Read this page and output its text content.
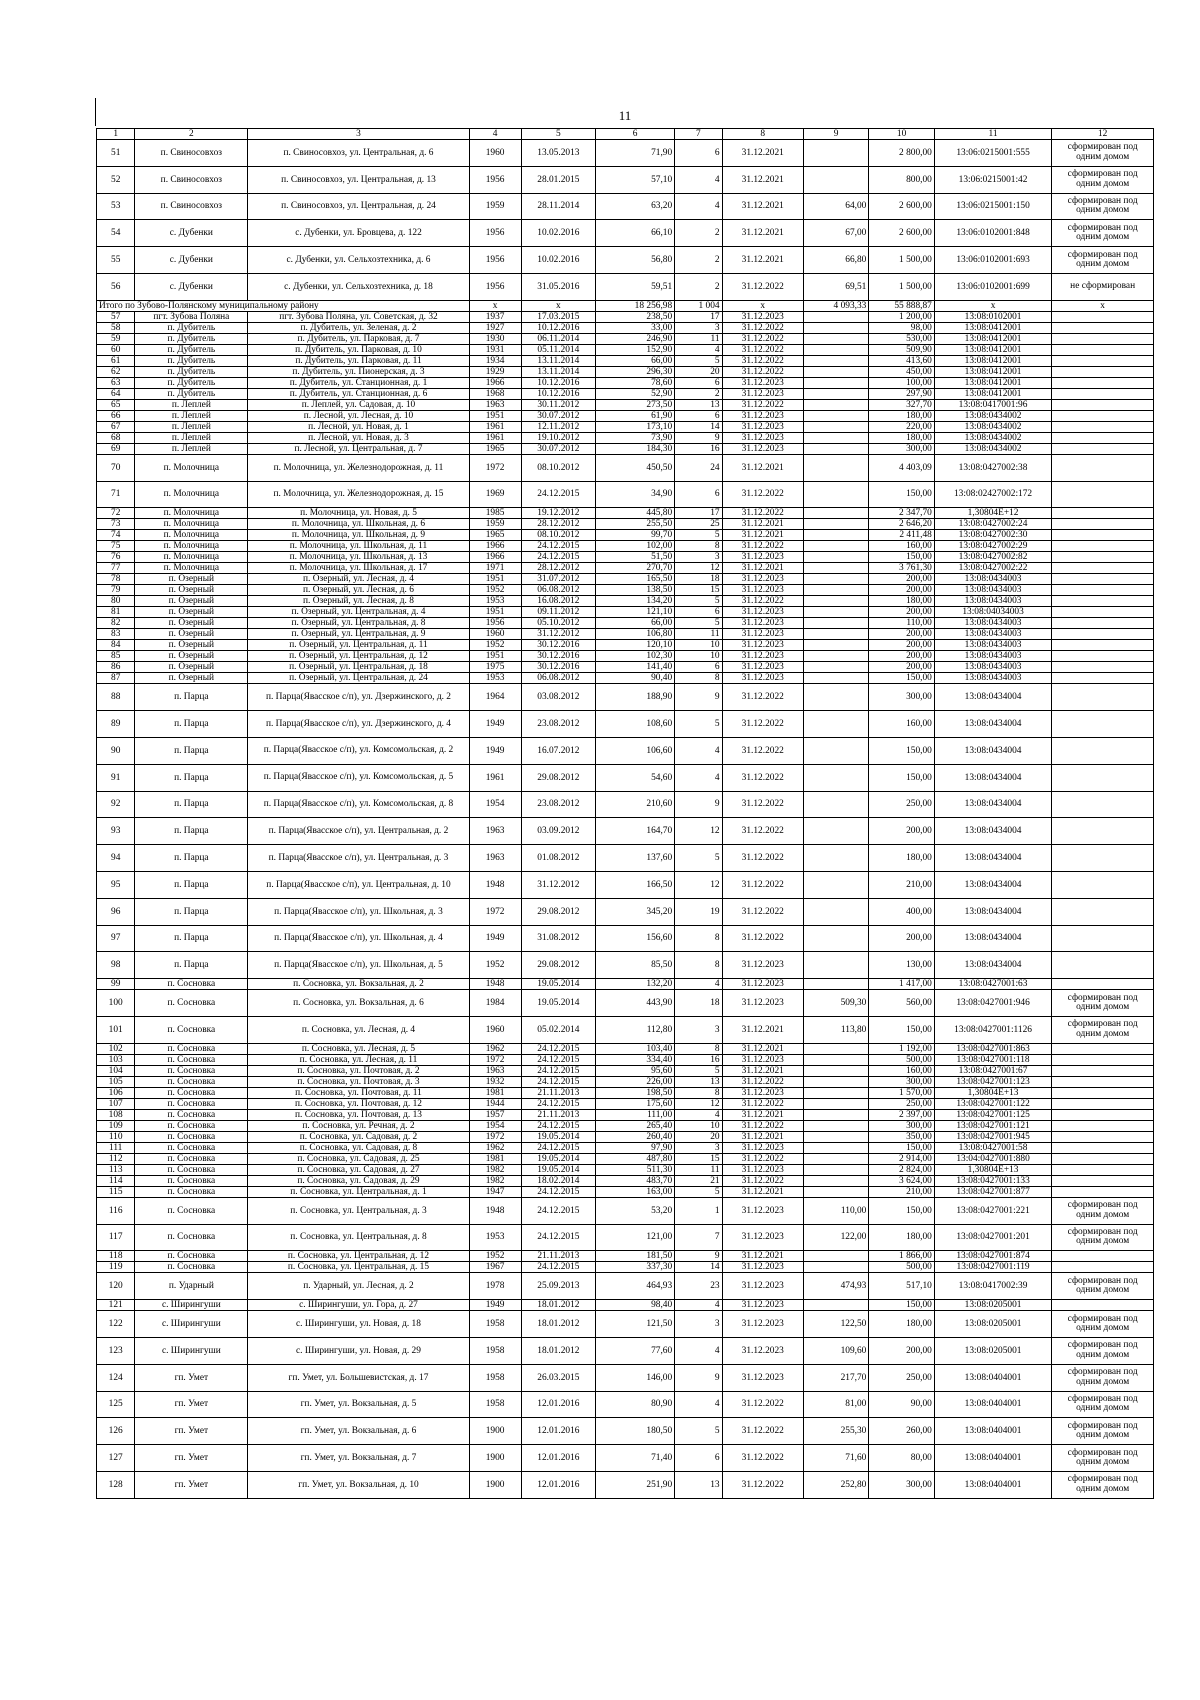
11
1	2	3	4	5	6	7	8	9	10	11	12
51	п. Свиносовхоз	п. Свиносовхоз, ул. Центральная, д. 6	1960	13.05.2013	71,90	6	31.12.2021		2 800,00	13:06:0215001:555	сформирован под одним домом
52	п. Свиносовхоз	п. Свиносовхоз, ул. Центральная, д. 13	1956	28.01.2015	57,10	4	31.12.2021		800,00	13:06:0215001:42	сформирован под одним домом
53	п. Свиносовхоз	п. Свиносовхоз, ул. Центральная, д. 24	1959	28.11.2014	63,20	4	31.12.2021	64,00	2 600,00	13:06:0215001:150	сформирован под одним домом
54	с. Дубенки	с. Дубенки, ул. Бровцева, д. 122	1956	10.02.2016	66,10	2	31.12.2021	67,00	2 600,00	13:06:0102001:848	сформирован под одним домом
55	с. Дубенки	с. Дубенки, ул. Сельхозтехника, д. 6	1956	10.02.2016	56,80	2	31.12.2021	66,80	1 500,00	13:06:0102001:693	сформирован под одним домом
56	с. Дубенки	с. Дубенки, ул. Сельхозтехника, д. 18	1956	31.05.2016	59,51	2	31.12.2022	69,51	1 500,00	13:06:0102001:699	не сформирован
Итого по Зубово-Полянскому муниципальному району			x	x	18 256,98	1 004	x	4 093,33	55 888,87	x	x
57	пгт. Зубова Поляна	пгт. Зубова Поляна, ул. Советская, д. 32	1937	17.03.2015	238,50	17	31.12.2023		1 200,00	13:08:0102001	
58	п. Дубитель	п. Дубитель, ул. Зеленая, д. 2	1927	10.12.2016	33,00	3	31.12.2022		98,00	13:08:0412001	
59	п. Дубитель	п. Дубитель, ул. Парковая, д. 7	1930	06.11.2014	246,90	11	31.12.2022		530,00	13:08:0412001	
60	п. Дубитель	п. Дубитель, ул. Парковая, д. 10	1931	05.11.2014	152,90	4	31.12.2022		509,90	13:08:0412001	
61	п. Дубитель	п. Дубитель, ул. Парковая, д. 11	1934	13.11.2014	66,00	5	31.12.2022		413,60	13:08:0412001	
62	п. Дубитель	п. Дубитель, ул. Пионерская, д. 3	1929	13.11.2014	296,30	20	31.12.2022		450,00	13:08:0412001	
63	п. Дубитель	п. Дубитель, ул. Станционная, д. 1	1966	10.12.2016	78,60	6	31.12.2023		100,00	13:08:0412001	
64	п. Дубитель	п. Дубитель, ул. Станционная, д. 6	1968	10.12.2016	52,90	2	31.12.2023		297,90	13:08:0412001	
65	п. Леплей	п. Леплей, ул. Садовая, д. 10	1963	30.11.2012	273,50	13	31.12.2022		327,70	13:08:0417001:96	
66	п. Леплей	п. Лесной, ул. Лесная, д. 10	1951	30.07.2012	61,90	6	31.12.2023		180,00	13:08:0434002	
67	п. Леплей	п. Лесной, ул. Новая, д. 1	1961	12.11.2012	173,10	14	31.12.2023		220,00	13:08:0434002	
68	п. Леплей	п. Лесной, ул. Новая, д. 3	1961	19.10.2012	73,90	9	31.12.2023		180,00	13:08:0434002	
69	п. Леплей	п. Лесной, ул. Центральная, д. 7	1965	30.07.2012	184,30	16	31.12.2023		300,00	13:08:0434002	
70	п. Молочница	п. Молочница, ул. Железнодорожная, д. 11	1972	08.10.2012	450,50	24	31.12.2021		4 403,09	13:08:0427002:38	
71	п. Молочница	п. Молочница, ул. Железнодорожная, д. 15	1969	24.12.2015	34,90	6	31.12.2022		150,00	13:08:02427002:172	
72	п. Молочница	п. Молочница, ул. Новая, д. 5	1985	19.12.2012	445,80	17	31.12.2022		2 347,70	1,30804E+12	
73	п. Молочница	п. Молочница, ул. Школьная, д. 6	1959	28.12.2012	255,50	25	31.12.2021		2 646,20	13:08:0427002:24	
74	п. Молочница	п. Молочница, ул. Школьная, д. 9	1965	08.10.2012	99,70	5	31.12.2021		2 411,48	13:08:0427002:30	
75	п. Молочница	п. Молочница, ул. Школьная, д. 11	1966	24.12.2015	102,00	8	31.12.2022		160,00	13:08:0427002:29	
76	п. Молочница	п. Молочница, ул. Школьная, д. 13	1966	24.12.2015	51,50	3	31.12.2023		150,00	13:08:0427002:82	
77	п. Молочница	п. Молочница, ул. Школьная, д. 17	1971	28.12.2012	270,70	12	31.12.2021		3 761,30	13:08:0427002:22	
78	п. Озерный	п. Озерный, ул. Лесная, д. 4	1951	31.07.2012	165,50	18	31.12.2023		200,00	13:08:0434003	
79	п. Озерный	п. Озерный, ул. Лесная, д. 6	1952	06.08.2012	138,50	15	31.12.2023		200,00	13:08:0434003	
80	п. Озерный	п. Озерный, ул. Лесная, д. 8	1953	16.08.2012	134,20	5	31.12.2022		180,00	13:08:0434003	
81	п. Озерный	п. Озерный, ул. Центральная, д. 4	1951	09.11.2012	121,10	6	31.12.2023		200,00	13:08:04034003	
82	п. Озерный	п. Озерный, ул. Центральная, д. 8	1956	05.10.2012	66,00	5	31.12.2023		110,00	13:08:0434003	
83	п. Озерный	п. Озерный, ул. Центральная, д. 9	1960	31.12.2012	106,80	11	31.12.2023		200,00	13:08:0434003	
84	п. Озерный	п. Озерный, ул. Центральная, д. 11	1952	30.12.2016	120,10	10	31.12.2023		200,00	13:08:0434003	
85	п. Озерный	п. Озерный, ул. Центральная, д. 12	1951	30.12.2016	102,30	10	31.12.2023		200,00	13:08:0434003	
86	п. Озерный	п. Озерный, ул. Центральная, д. 18	1975	30.12.2016	141,40	6	31.12.2023		200,00	13:08:0434003	
87	п. Озерный	п. Озерный, ул. Центральная, д. 24	1953	06.08.2012	90,40	8	31.12.2023		150,00	13:08:0434003	
88	п. Парца	п. Парца(Явасское с/п), ул. Дзержинского, д. 2	1964	03.08.2012	188,90	9	31.12.2022		300,00	13:08:0434004	
89	п. Парца	п. Парца(Явасское с/п), ул. Дзержинского, д. 4	1949	23.08.2012	108,60	5	31.12.2022		160,00	13:08:0434004	
90	п. Парца	п. Парца(Явасское с/п), ул. Комсомольская, д. 2	1949	16.07.2012	106,60	4	31.12.2022		150,00	13:08:0434004	
91	п. Парца	п. Парца(Явасское с/п), ул. Комсомольская, д. 5	1961	29.08.2012	54,60	4	31.12.2022		150,00	13:08:0434004	
92	п. Парца	п. Парца(Явасское с/п), ул. Комсомольская, д. 8	1954	23.08.2012	210,60	9	31.12.2022		250,00	13:08:0434004	
93	п. Парца	п. Парца(Явасское с/п), ул. Центральная, д. 2	1963	03.09.2012	164,70	12	31.12.2022		200,00	13:08:0434004	
94	п. Парца	п. Парца(Явасское с/п), ул. Центральная, д. 3	1963	01.08.2012	137,60	5	31.12.2022		180,00	13:08:0434004	
95	п. Парца	п. Парца(Явасское с/п), ул. Центральная, д. 10	1948	31.12.2012	166,50	12	31.12.2022		210,00	13:08:0434004	
96	п. Парца	п. Парца(Явасское с/п), ул. Школьная, д. 3	1972	29.08.2012	345,20	19	31.12.2022		400,00	13:08:0434004	
97	п. Парца	п. Парца(Явасское с/п), ул. Школьная, д. 4	1949	31.08.2012	156,60	8	31.12.2022		200,00	13:08:0434004	
98	п. Парца	п. Парца(Явасское с/п), ул. Школьная, д. 5	1952	29.08.2012	85,50	8	31.12.2023		130,00	13:08:0434004	
99	п. Сосновка	п. Сосновка, ул. Вокзальная, д. 2	1948	19.05.2014	132,20	4	31.12.2023		1 417,00	13:08:0427001:63	
100	п. Сосновка	п. Сосновка, ул. Вокзальная, д. 6	1984	19.05.2014	443,90	18	31.12.2023	509,30	560,00	13:08:0427001:946	сформирован под одним домом
101	п. Сосновка	п. Сосновка, ул. Лесная, д. 4	1960	05.02.2014	112,80	3	31.12.2021	113,80	150,00	13:08:0427001:1126	сформирован под одним домом
102	п. Сосновка	п. Сосновка, ул. Лесная, д. 5	1962	24.12.2015	103,40	8	31.12.2021		1 192,00	13:08:0427001:863	
103	п. Сосновка	п. Сосновка, ул. Лесная, д. 11	1972	24.12.2015	334,40	16	31.12.2023		500,00	13:08:0427001:118	
104	п. Сосновка	п. Сосновка, ул. Почтовая, д. 2	1963	24.12.2015	95,60	5	31.12.2021		160,00	13:08:0427001:67	
105	п. Сосновка	п. Сосновка, ул. Почтовая, д. 3	1932	24.12.2015	226,00	13	31.12.2022		300,00	13:08:0427001:123	
106	п. Сосновка	п. Сосновка, ул. Почтовая, д. 11	1981	21.11.2013	198,50	8	31.12.2023		1 570,00	1,30804E+13	
107	п. Сосновка	п. Сосновка, ул. Почтовая, д. 12	1944	24.12.2015	175,60	12	31.12.2022		250,00	13:08:0427001:122	
108	п. Сосновка	п. Сосновка, ул. Почтовая, д. 13	1957	21.11.2013	111,00	4	31.12.2021		2 397,00	13:08:0427001:125	
109	п. Сосновка	п. Сосновка, ул. Речная, д. 2	1954	24.12.2015	265,40	10	31.12.2022		300,00	13:08:0427001:121	
110	п. Сосновка	п. Сосновка, ул. Садовая, д. 2	1972	19.05.2014	260,40	20	31.12.2021		350,00	13:08:0427001:945	
111	п. Сосновка	п. Сосновка, ул. Садовая, д. 8	1962	24.12.2015	97,90	3	31.12.2023		150,00	13:08:0427001:58	
112	п. Сосновка	п. Сосновка, ул. Садовая, д. 25	1981	19.05.2014	487,80	15	31.12.2022		2 914,00	13:04:0427001:880	
113	п. Сосновка	п. Сосновка, ул. Садовая, д. 27	1982	19.05.2014	511,30	11	31.12.2023		2 824,00	1,30804E+13	
114	п. Сосновка	п. Сосновка, ул. Садовая, д. 29	1982	18.02.2014	483,70	21	31.12.2022		3 624,00	13:08:0427001:133	
115	п. Сосновка	п. Сосновка, ул. Центральная, д. 1	1947	24.12.2015	163,00	5	31.12.2021		210,00	13:08:0427001:877	
116	п. Сосновка	п. Сосновка, ул. Центральная, д. 3	1948	24.12.2015	53,20	1	31.12.2023	110,00	150,00	13:08:0427001:221	сформирован под одним домом
117	п. Сосновка	п. Сосновка, ул. Центральная, д. 8	1953	24.12.2015	121,00	7	31.12.2023	122,00	180,00	13:08:0427001:201	сформирован под одним домом
118	п. Сосновка	п. Сосновка, ул. Центральная, д. 12	1952	21.11.2013	181,50	9	31.12.2021		1 866,00	13:08:0427001:874	
119	п. Сосновка	п. Сосновка, ул. Центральная, д. 15	1967	24.12.2015	337,30	14	31.12.2023		500,00	13:08:0427001:119	
120	п. Ударный	п. Ударный, ул. Лесная, д. 2	1978	25.09.2013	464,93	23	31.12.2023	474,93	517,10	13:08:0417002:39	сформирован под одним домом
121	с. Ширингуши	с. Ширингуши, ул. Гора, д. 27	1949	18.01.2012	98,40	4	31.12.2023		150,00	13:08:0205001	
122	с. Ширингуши	с. Ширингуши, ул. Новая, д. 18	1958	18.01.2012	121,50	3	31.12.2023	122,50	180,00	13:08:0205001	сформирован под одним домом
123	с. Ширингуши	с. Ширингуши, ул. Новая, д. 29	1958	18.01.2012	77,60	4	31.12.2023	109,60	200,00	13:08:0205001	сформирован под одним домом
124	гп. Умет	гп. Умет, ул. Большевистская, д. 17	1958	26.03.2015	146,00	9	31.12.2023	217,70	250,00	13:08:0404001	сформирован под одним домом
125	гп. Умет	гп. Умет, ул. Вокзальная, д. 5	1958	12.01.2016	80,90	4	31.12.2022	81,00	90,00	13:08:0404001	сформирован под одним домом
126	гп. Умет	гп. Умет, ул. Вокзальная, д. 6	1900	12.01.2016	180,50	5	31.12.2022	255,30	260,00	13:08:0404001	сформирован под одним домом
127	гп. Умет	гп. Умет, ул. Вокзальная, д. 7	1900	12.01.2016	71,40	6	31.12.2022	71,60	80,00	13:08:0404001	сформирован под одним домом
128	гп. Умет	гп. Умет, ул. Вокзальная, д. 10	1900	12.01.2016	251,90	13	31.12.2022	252,80	300,00	13:08:0404001	сформирован под одним домом
